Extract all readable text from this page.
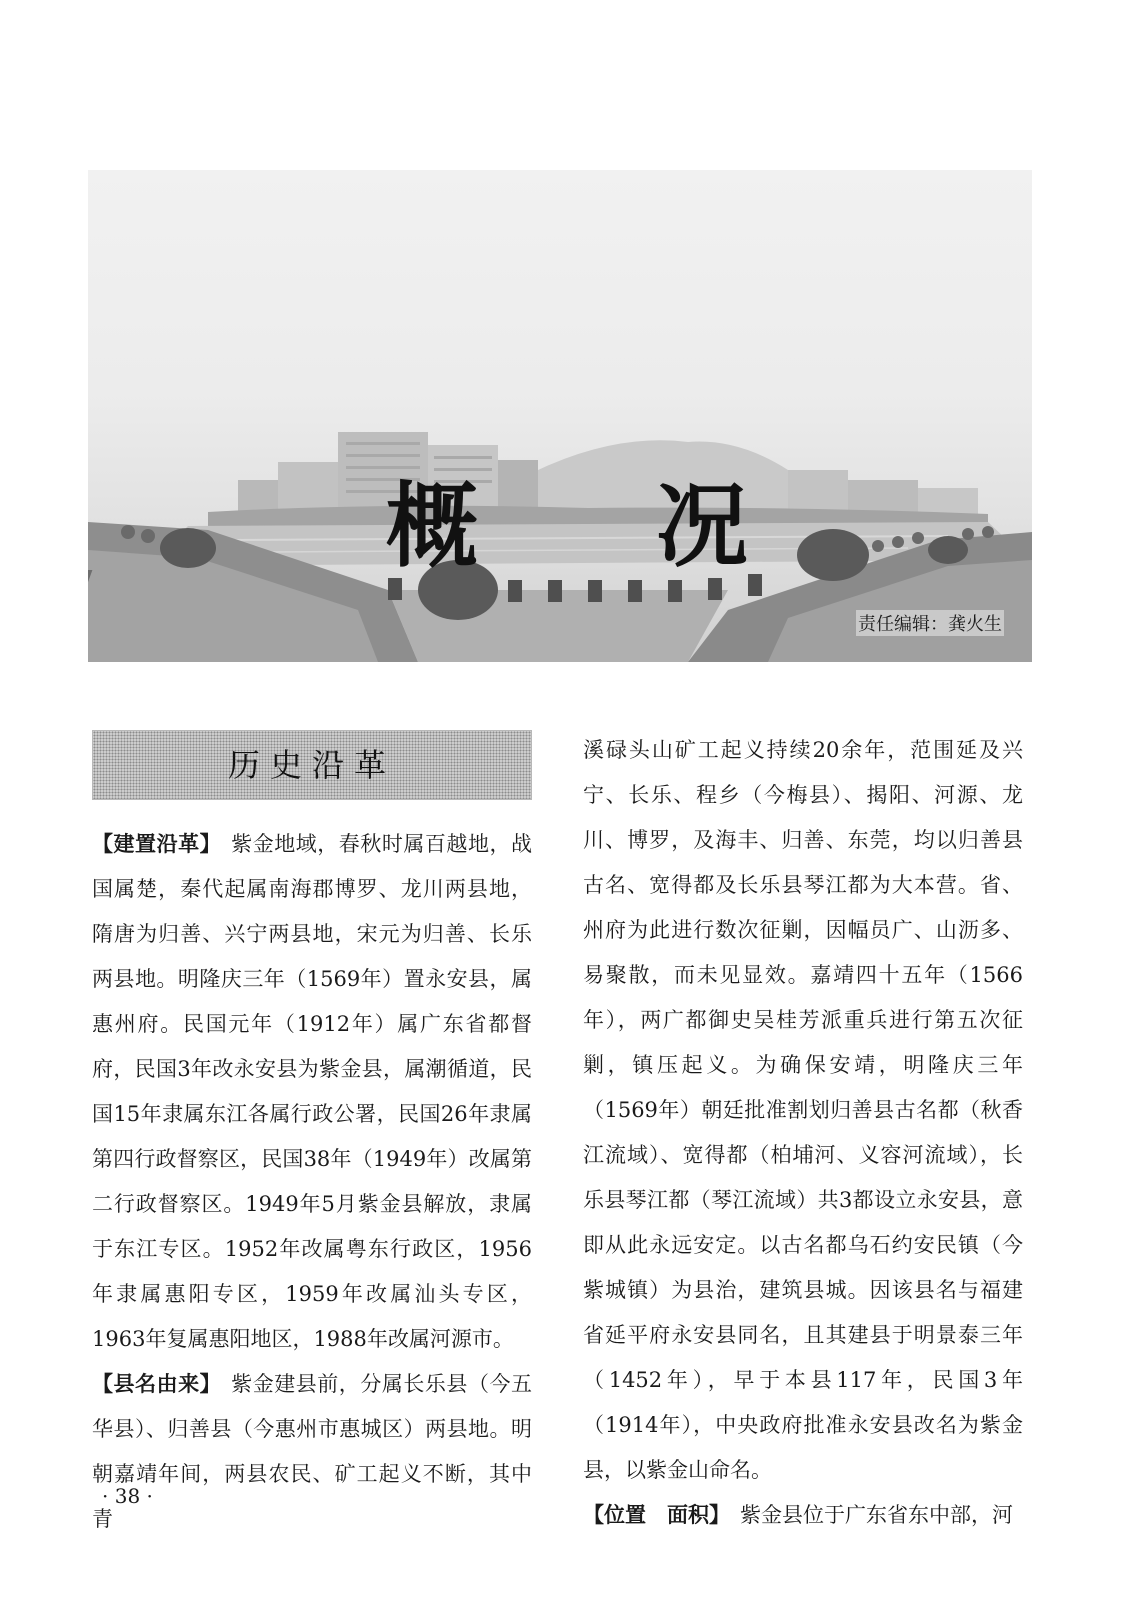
概 况
责任编辑：龚火生
历史沿革

【建置沿革】 紫金地域，春秋时属百越地，战国属楚，秦代起属南海郡博罗、龙川两县地，隋唐为归善、兴宁两县地，宋元为归善、长乐两县地。明隆庆三年（1569年）置永安县，属惠州府。民国元年（1912年）属广东省都督府，民国3年改永安县为紫金县，属潮循道，民国15年隶属东江各属行政公署，民国26年隶属第四行政督察区，民国38年（1949年）改属第二行政督察区。1949年5月紫金县解放，隶属于东江专区。1952年改属粤东行政区，1956年隶属惠阳专区，1959年改属汕头专区，1963年复属惠阳地区，1988年改属河源市。

【县名由来】 紫金建县前，分属长乐县（今五华县）、归善县（今惠州市惠城区）两县地。明朝嘉靖年间，两县农民、矿工起义不断，其中青

溪碌头山矿工起义持续20余年，范围延及兴宁、长乐、程乡（今梅县）、揭阳、河源、龙川、博罗，及海丰、归善、东莞，均以归善县古名、宽得都及长乐县琴江都为大本营。省、州府为此进行数次征剿，因幅员广、山沥多、易聚散，而未见显效。嘉靖四十五年（1566年），两广都御史吴桂芳派重兵进行第五次征剿，镇压起义。为确保安靖，明隆庆三年（1569年）朝廷批准割划归善县古名都（秋香江流域）、宽得都（柏埔河、义容河流域），长乐县琴江都（琴江流域）共3都设立永安县，意即从此永远安定。以古名都乌石约安民镇（今紫城镇）为县治，建筑县城。因该县名与福建省延平府永安县同名，且其建县于明景泰三年（1452年），早于本县117年，民国3年（1914年），中央政府批准永安县改名为紫金县，以紫金山命名。

【位置　面积】 紫金县位于广东省东中部，河

· 38 ·
